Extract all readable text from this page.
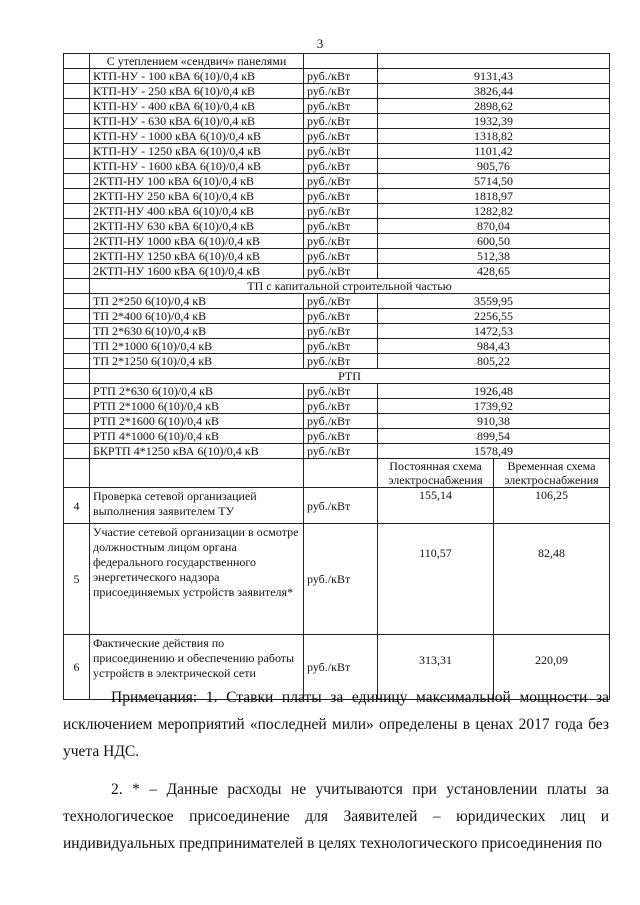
3
	С утеплением «сендвич» панелями			
	КТП-НУ - 100 кВА 6(10)/0,4 кВ	руб./кВт	9131,43	
	КТП-НУ - 250 кВА 6(10)/0,4 кВ	руб./кВт	3826,44	
	КТП-НУ - 400 кВА 6(10)/0,4 кВ	руб./кВт	2898,62	
	КТП-НУ - 630 кВА 6(10)/0,4 кВ	руб./кВт	1932,39	
	КТП-НУ - 1000 кВА 6(10)/0,4 кВ	руб./кВт	1318,82	
	КТП-НУ - 1250 кВА 6(10)/0,4 кВ	руб./кВт	1101,42	
	КТП-НУ - 1600 кВА 6(10)/0,4 кВ	руб./кВт	905,76	
	2КТП-НУ 100 кВА 6(10)/0,4 кВ	руб./кВт	5714,50	
	2КТП-НУ 250 кВА 6(10)/0,4 кВ	руб./кВт	1818,97	
	2КТП-НУ 400 кВА 6(10)/0,4 кВ	руб./кВт	1282,82	
	2КТП-НУ 630 кВА 6(10)/0,4 кВ	руб./кВт	870,04	
	2КТП-НУ 1000 кВА 6(10)/0,4 кВ	руб./кВт	600,50	
	2КТП-НУ 1250 кВА 6(10)/0,4 кВ	руб./кВт	512,38	
	2КТП-НУ 1600 кВА 6(10)/0,4 кВ	руб./кВт	428,65	
	ТП с капитальной строительной частью			
	ТП 2*250 6(10)/0,4 кВ	руб./кВт	3559,95	
	ТП 2*400 6(10)/0,4 кВ	руб./кВт	2256,55	
	ТП 2*630 6(10)/0,4 кВ	руб./кВт	1472,53	
	ТП 2*1000 6(10)/0,4 кВ	руб./кВт	984,43	
	ТП 2*1250 6(10)/0,4 кВ	руб./кВт	805,22	
	РТП			
	РТП 2*630 6(10)/0,4 кВ	руб./кВт	1926,48	
	РТП 2*1000 6(10)/0,4 кВ	руб./кВт	1739,92	
	РТП 2*1600 6(10)/0,4 кВ	руб./кВт	910,38	
	РТП 4*1000 6(10)/0,4 кВ	руб./кВт	899,54	
	БКРТП 4*1250 кВА 6(10)/0,4 кВ	руб./кВт	1578,49	
			Постоянная схема электроснабжения	Временная схема электроснабжения
4	Проверка сетевой организацией выполнения заявителем ТУ	руб./кВт	155,14	106,25
5	Участие сетевой организации в осмотре должностным лицом органа федерального государственного энергетического надзора присоединяемых устройств заявителя*	руб./кВт	110,57	82,48
6	Фактические действия по присоединению и обеспечению работы устройств в электрической сети	руб./кВт	313,31	220,09

Примечания: 1. Ставки платы за единицу максимальной мощности за исключением мероприятий «последней мили» определены в ценах 2017 года без учета НДС.

2. * – Данные расходы не учитываются при установлении платы за технологическое присоединение для Заявителей – юридических лиц и индивидуальных предпринимателей в целях технологического присоединения по
